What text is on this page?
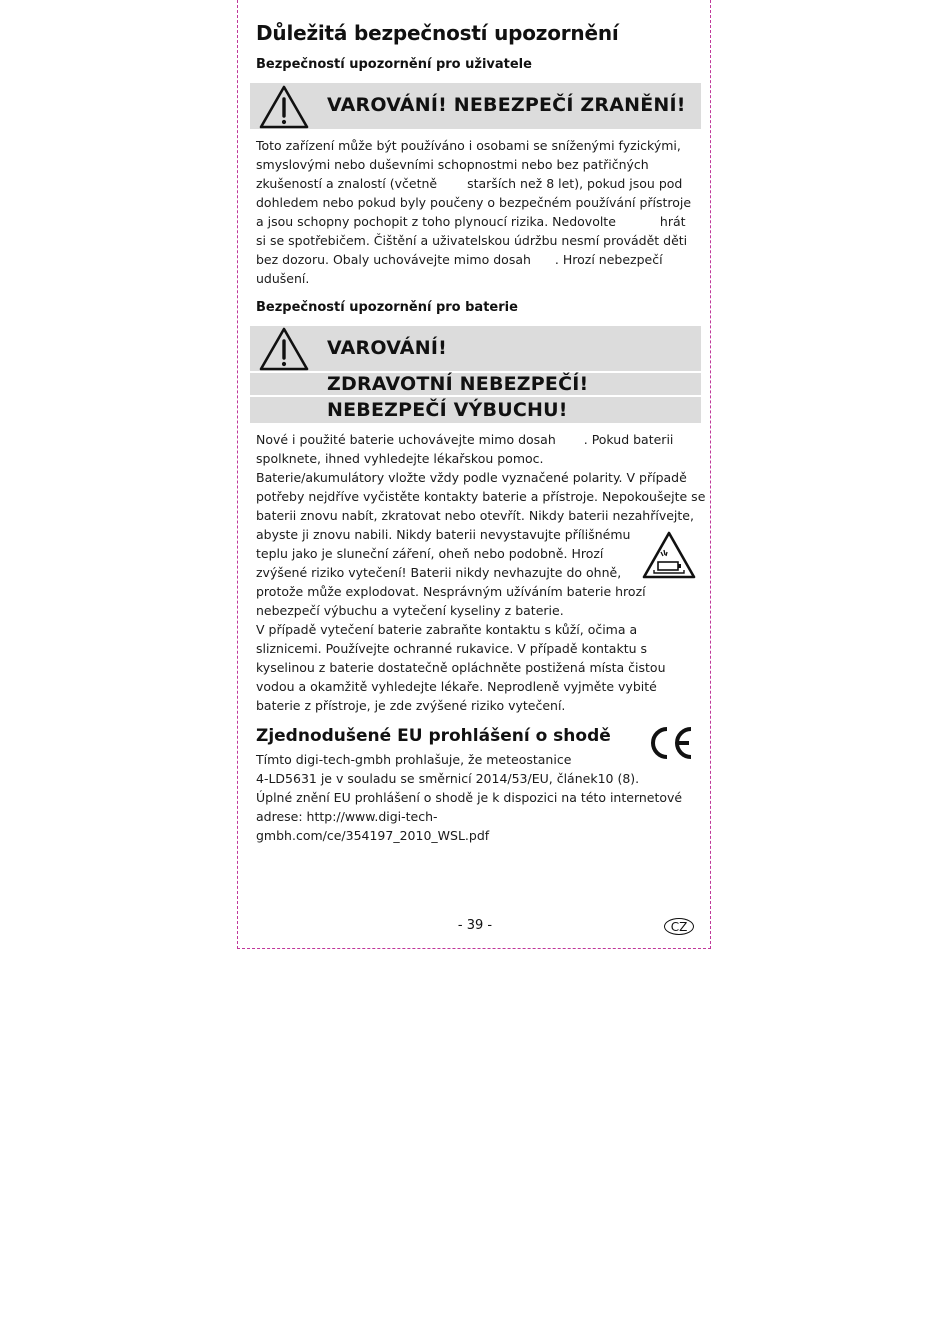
Důležitá bezpečností upozornění

Bezpečností upozornění pro uživatele

VAROVÁNÍ! NEBEZPEČÍ ZRANĚNÍ!
Toto zařízení může být používáno i osobami se sníženými fyzickými,
smyslovými nebo duševními schopnostmi nebo bez patřičných
zkušeností a znalostí (včetně starších než 8 let), pokud jsou pod
dohledem nebo pokud byly poučeny o bezpečném používání přístroje
a jsou schopny pochopit z toho plynoucí rizika. Nedovolte	hrát
si se spotřebičem. Čištění a uživatelskou údržbu nesmí provádět děti
bez dozoru. Obaly uchovávejte mimo dosah . Hrozí nebezpečí
udušení.

Bezpečností upozornění pro baterie

VAROVÁNÍ!
ZDRAVOTNÍ NEBEZPEČÍ!
NEBEZPEČÍ VÝBUCHU!
Nové i použité baterie uchovávejte mimo dosah . Pokud baterii
spolknete, ihned vyhledejte lékařskou pomoc.
Baterie/akumulátory vložte vždy podle vyznačené polarity. V případě
potřeby nejdříve vyčistěte kontakty baterie a přístroje. Nepokoušejte se
baterii znovu nabít, zkratovat nebo otevřít. Nikdy baterii nezahřívejte,
abyste ji znovu nabili. Nikdy baterii nevystavujte přílišnému
teplu jako je sluneční záření, oheň nebo podobně. Hrozí
zvýšené riziko vytečení! Baterii nikdy nevhazujte do ohně,
protože může explodovat. Nesprávným užíváním baterie hrozí
nebezpečí výbuchu a vytečení kyseliny z baterie.
V případě vytečení baterie zabraňte kontaktu s kůží, očima a
sliznicemi. Používejte ochranné rukavice. V případě kontaktu s
kyselinou z baterie dostatečně opláchněte postižená místa čistou
vodou a okamžitě vyhledejte lékaře. Neprodleně vyjměte vybité
baterie z přístroje, je zde zvýšené riziko vytečení.
Zjednodušené EU prohlášení o shodě
Tímto digi-tech-gmbh prohlašuje, že meteostanice
4-LD5631 je v souladu se směrnicí 2014/53/EU, článek10 (8).
Úplné znění EU prohlášení o shodě je k dispozici na této internetové
adrese: http://www.digi-tech-
gmbh.com/ce/354197_2010_WSL.pdf
- 39 -	CZ
